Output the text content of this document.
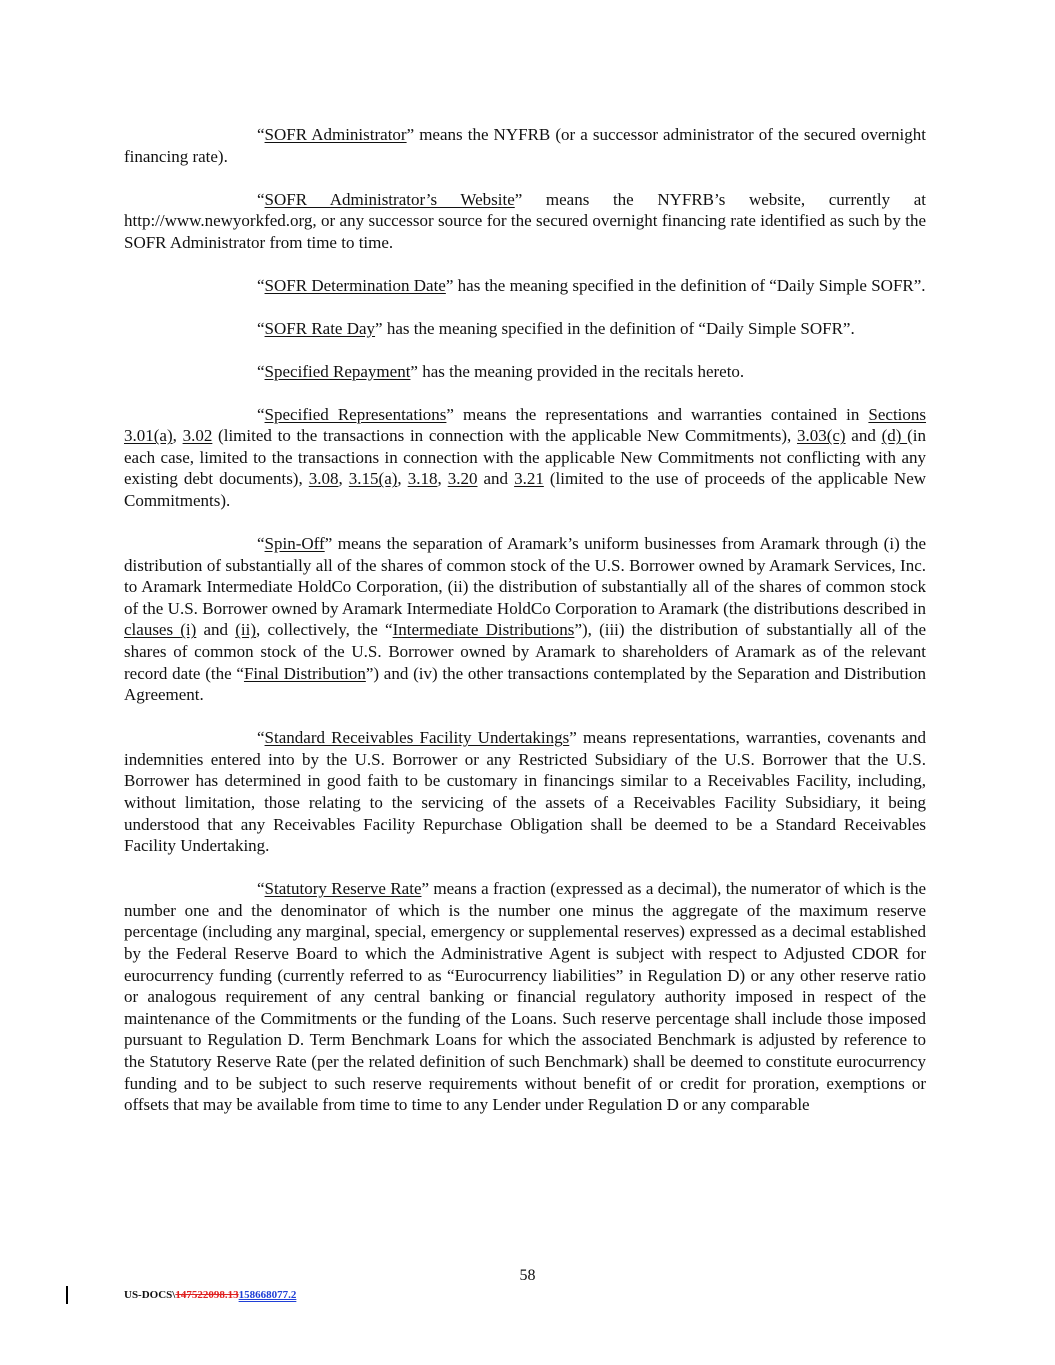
“SOFR Administrator” means the NYFRB (or a successor administrator of the secured overnight financing rate).

“SOFR Administrator’s Website” means the NYFRB’s website, currently at http://www.newyorkfed.org, or any successor source for the secured overnight financing rate identified as such by the SOFR Administrator from time to time.

“SOFR Determination Date” has the meaning specified in the definition of “Daily Simple SOFR”.

“SOFR Rate Day” has the meaning specified in the definition of “Daily Simple SOFR”.

“Specified Repayment” has the meaning provided in the recitals hereto.

“Specified Representations” means the representations and warranties contained in Sections 3.01(a), 3.02 (limited to the transactions in connection with the applicable New Commitments), 3.03(c) and (d) (in each case, limited to the transactions in connection with the applicable New Commitments not conflicting with any existing debt documents), 3.08, 3.15(a), 3.18, 3.20 and 3.21 (limited to the use of proceeds of the applicable New Commitments).

“Spin-Off” means the separation of Aramark’s uniform businesses from Aramark through (i) the distribution of substantially all of the shares of common stock of the U.S. Borrower owned by Aramark Services, Inc. to Aramark Intermediate HoldCo Corporation, (ii) the distribution of substantially all of the shares of common stock of the U.S. Borrower owned by Aramark Intermediate HoldCo Corporation to Aramark (the distributions described in clauses (i) and (ii), collectively, the “Intermediate Distributions”), (iii) the distribution of substantially all of the shares of common stock of the U.S. Borrower owned by Aramark to shareholders of Aramark as of the relevant record date (the “Final Distribution”) and (iv) the other transactions contemplated by the Separation and Distribution Agreement.

“Standard Receivables Facility Undertakings” means representations, warranties, covenants and indemnities entered into by the U.S. Borrower or any Restricted Subsidiary of the U.S. Borrower that the U.S. Borrower has determined in good faith to be customary in financings similar to a Receivables Facility, including, without limitation, those relating to the servicing of the assets of a Receivables Facility Subsidiary, it being understood that any Receivables Facility Repurchase Obligation shall be deemed to be a Standard Receivables Facility Undertaking.

“Statutory Reserve Rate” means a fraction (expressed as a decimal), the numerator of which is the number one and the denominator of which is the number one minus the aggregate of the maximum reserve percentage (including any marginal, special, emergency or supplemental reserves) expressed as a decimal established by the Federal Reserve Board to which the Administrative Agent is subject with respect to Adjusted CDOR for eurocurrency funding (currently referred to as “Eurocurrency liabilities” in Regulation D) or any other reserve ratio or analogous requirement of any central banking or financial regulatory authority imposed in respect of the maintenance of the Commitments or the funding of the Loans. Such reserve percentage shall include those imposed pursuant to Regulation D. Term Benchmark Loans for which the associated Benchmark is adjusted by reference to the Statutory Reserve Rate (per the related definition of such Benchmark) shall be deemed to constitute eurocurrency funding and to be subject to such reserve requirements without benefit of or credit for proration, exemptions or offsets that may be available from time to time to any Lender under Regulation D or any comparable

58
US-DOCS\147522098.13158668077.2
